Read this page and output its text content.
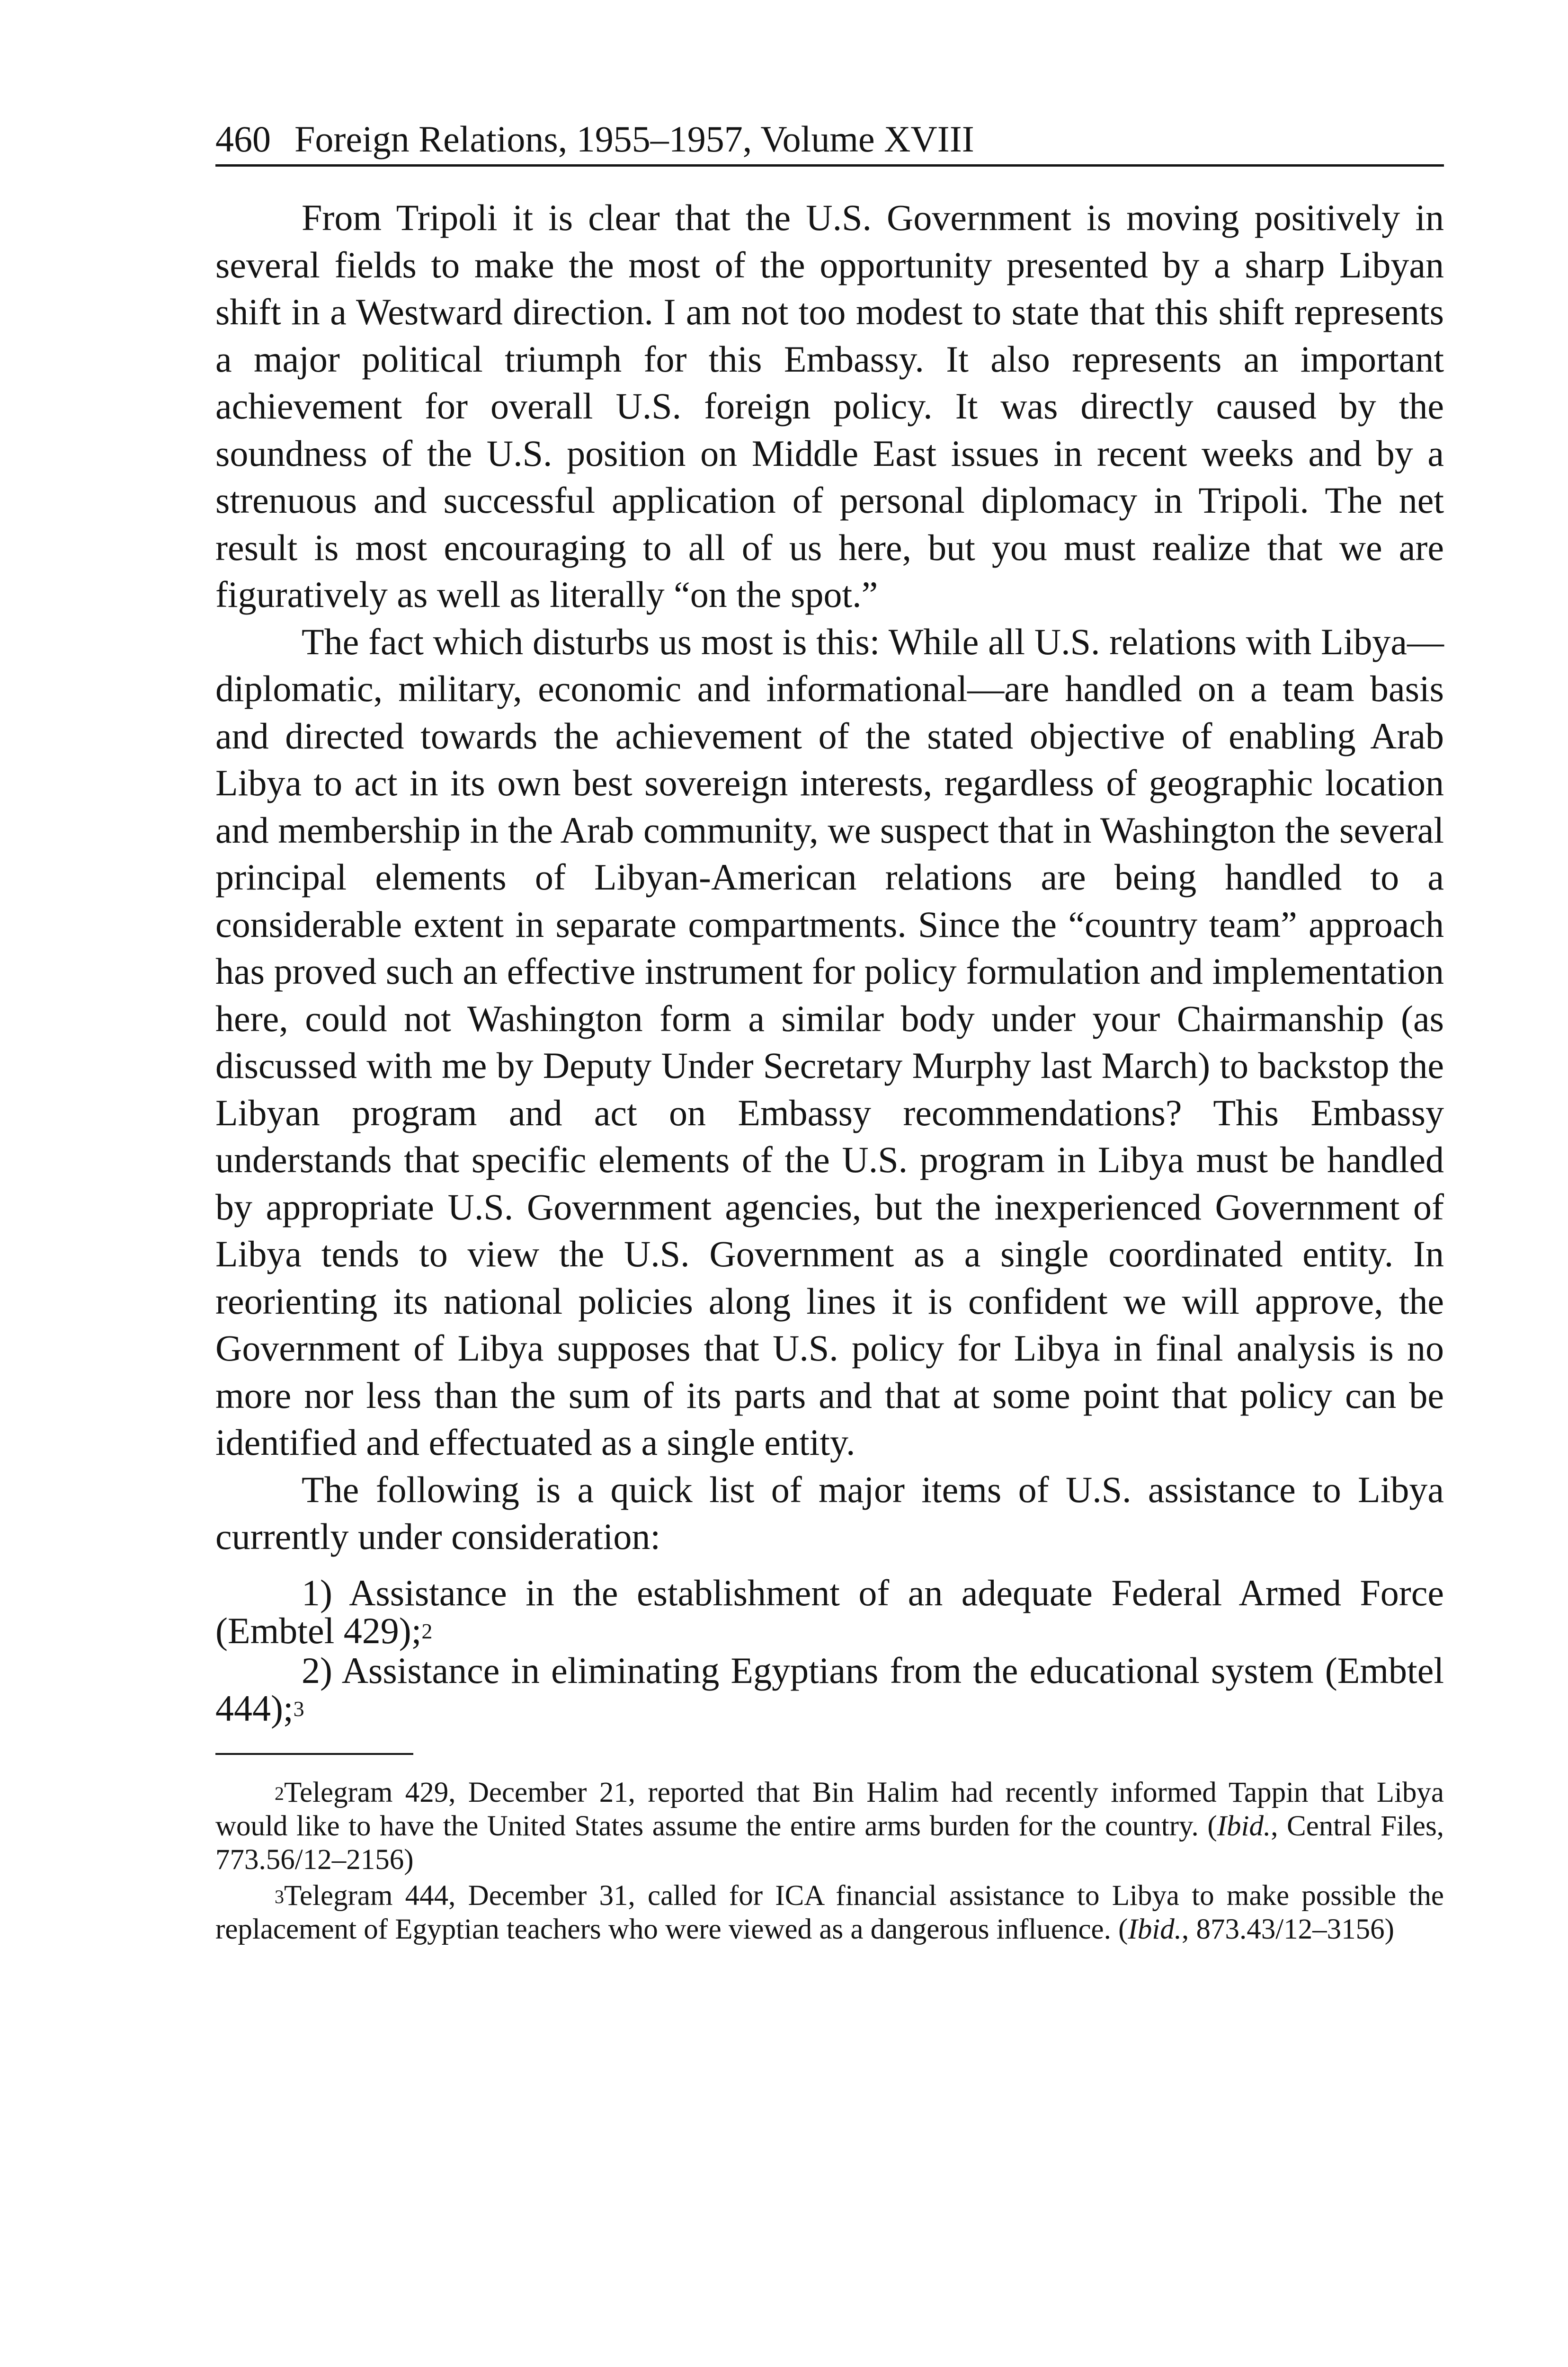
460 Foreign Relations, 1955–1957, Volume XVIII

From Tripoli it is clear that the U.S. Government is moving positively in several fields to make the most of the opportunity presented by a sharp Libyan shift in a Westward direction. I am not too modest to state that this shift represents a major political triumph for this Embassy. It also represents an important achievement for overall U.S. foreign policy. It was directly caused by the soundness of the U.S. position on Middle East issues in recent weeks and by a strenuous and successful application of personal diplomacy in Tripoli. The net result is most encouraging to all of us here, but you must realize that we are figuratively as well as literally “on the spot.”

The fact which disturbs us most is this: While all U.S. relations with Libya—diplomatic, military, economic and informational—are handled on a team basis and directed towards the achievement of the stated objective of enabling Arab Libya to act in its own best sovereign interests, regardless of geographic location and membership in the Arab community, we suspect that in Washington the several principal elements of Libyan-American relations are being handled to a considerable extent in separate compartments. Since the “country team” approach has proved such an effective instrument for policy formulation and implementation here, could not Washington form a similar body under your Chairmanship (as discussed with me by Deputy Under Secretary Murphy last March) to backstop the Libyan program and act on Embassy recommendations? This Embassy understands that specific elements of the U.S. program in Libya must be handled by appropriate U.S. Government agencies, but the inexperienced Government of Libya tends to view the U.S. Government as a single coordinated entity. In reorienting its national policies along lines it is confident we will approve, the Government of Libya supposes that U.S. policy for Libya in final analysis is no more nor less than the sum of its parts and that at some point that policy can be identified and effectuated as a single entity.

The following is a quick list of major items of U.S. assistance to Libya currently under consideration:

1) Assistance in the establishment of an adequate Federal Armed Force (Embtel 429);$^2$

2) Assistance in eliminating Egyptians from the educational system (Embtel 444);$^3$

$^2$Telegram 429, December 21, reported that Bin Halim had recently informed Tappin that Libya would like to have the United States assume the entire arms burden for the country. (Ibid., Central Files, 773.56/12–2156)

$^3$Telegram 444, December 31, called for ICA financial assistance to Libya to make possible the replacement of Egyptian teachers who were viewed as a dangerous influence. (Ibid., 873.43/12–3156)
